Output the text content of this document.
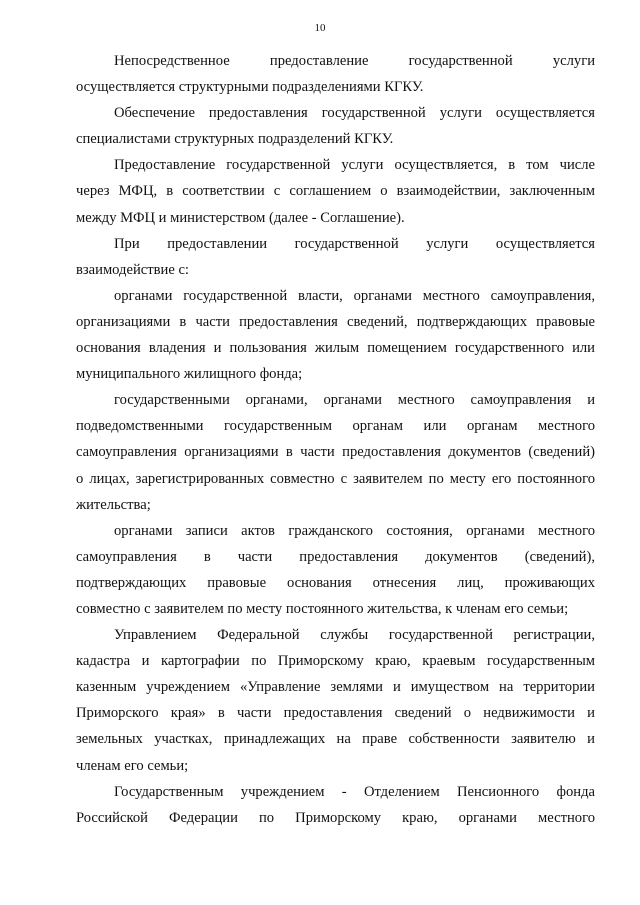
10
Непосредственное предоставление государственной услуги
осуществляется структурными подразделениями КГКУ.
Обеспечение предоставления государственной услуги осуществляется
специалистами структурных подразделений КГКУ.
Предоставление государственной услуги осуществляется, в том числе
через МФЦ, в соответствии с соглашением о взаимодействии, заключенным
между МФЦ и министерством (далее - Соглашение).
При предоставлении государственной услуги осуществляется
взаимодействие с:
органами государственной власти, органами местного самоуправления,
организациями в части предоставления сведений, подтверждающих правовые
основания владения и пользования жилым помещением государственного или
муниципального жилищного фонда;
государственными органами, органами местного самоуправления и
подведомственными государственным органам или органам местного
самоуправления организациями в части предоставления документов (сведений)
о лицах, зарегистрированных совместно с заявителем по месту его постоянного
жительства;
органами записи актов гражданского состояния, органами местного
самоуправления в части предоставления документов (сведений),
подтверждающих правовые основания отнесения лиц, проживающих
совместно с заявителем по месту постоянного жительства, к членам его семьи;
Управлением Федеральной службы государственной регистрации,
кадастра и картографии по Приморскому краю, краевым государственным
казенным учреждением «Управление землями и имуществом на территории
Приморского края» в части предоставления сведений о недвижимости и
земельных участках, принадлежащих на праве собственности заявителю и
членам его семьи;
Государственным учреждением - Отделением Пенсионного фонда
Российской Федерации по Приморскому краю, органами местного
